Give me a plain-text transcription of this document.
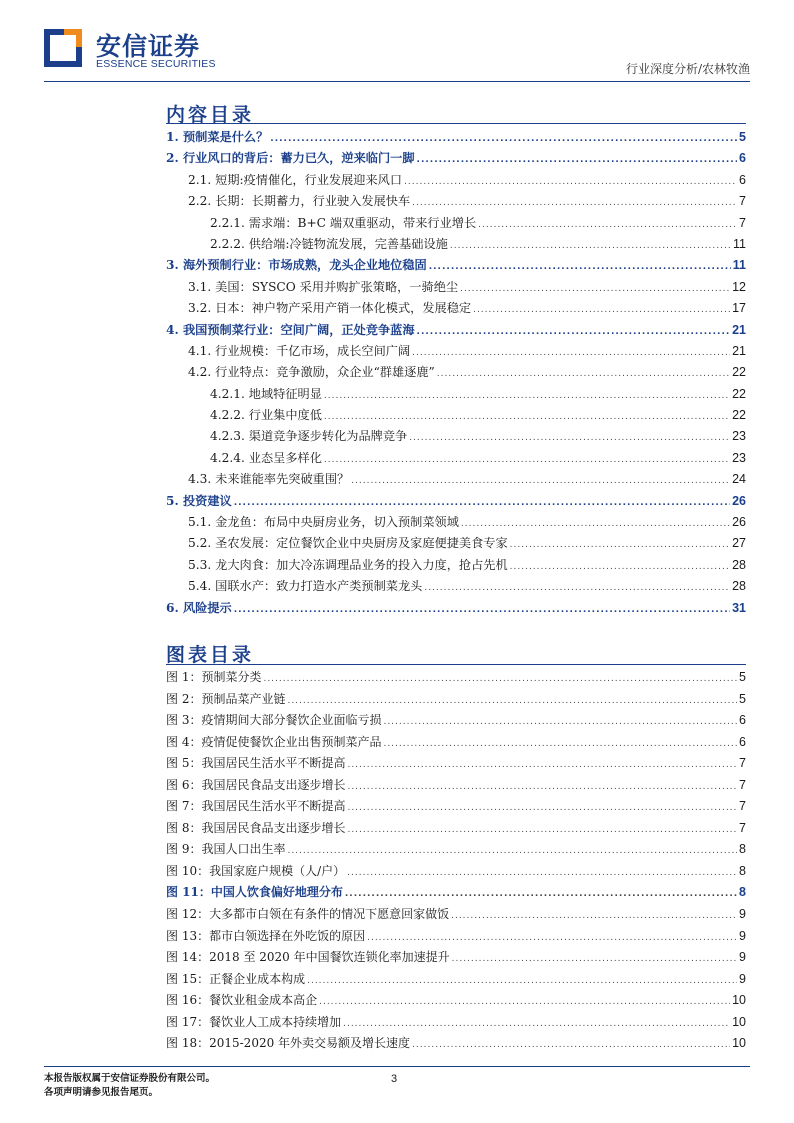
安信证券
ESSENCE SECURITIES	行业深度分析/农林牧渔
内容目录
1. 预制菜是什么？ .....	5
2. 行业风口的背后：蓄力已久，逆来临门一脚 .....	6
2.1. 短期:疫情催化，行业发展迎来风口 .....	6
2.2. 长期：长期蓄力，行业驶入发展快车 .....	7
2.2.1. 需求端：B+C 端双重驱动，带来行业增长 .....	7
2.2.2. 供给端:冷链物流发展，完善基础设施 .....	11
3. 海外预制行业：市场成熟，龙头企业地位稳固 .....	11
3.1. 美国：SYSCO 采用并购扩张策略，一骑绝尘 .....	12
3.2. 日本：神户物产采用产销一体化模式，发展稳定 .....	17
4. 我国预制菜行业：空间广阔，正处竞争蓝海 .....	21
4.1. 行业规模：千亿市场，成长空间广阔 .....	21
4.2. 行业特点：竞争激励，众企业“群雄逐鹿” .....	22
4.2.1. 地域特征明显 .....	22
4.2.2. 行业集中度低 .....	22
4.2.3. 渠道竞争逐步转化为品牌竞争 .....	23
4.2.4. 业态呈多样化 .....	23
4.3. 未来谁能率先突破重围？ .....	24
5. 投资建议 .....	26
5.1. 金龙鱼：布局中央厨房业务，切入预制菜领域 .....	26
5.2. 圣农发展：定位餐饮企业中央厨房及家庭便捷美食专家 .....	27
5.3. 龙大肉食：加大冷冻调理品业务的投入力度，抢占先机 .....	28
5.4. 国联水产：致力打造水产类预制菜龙头 .....	28
6. 风险提示 .....	31
图表目录
图 1：预制菜分类 .....	5
图 2：预制品菜产业链 .....	5
图 3：疫情期间大部分餐饮企业面临亏损 .....	6
图 4：疫情促使餐饮企业出售预制菜产品 .....	6
图 5：我国居民生活水平不断提高 .....	7
图 6：我国居民食品支出逐步增长 .....	7
图 7：我国居民生活水平不断提高 .....	7
图 8：我国居民食品支出逐步增长 .....	7
图 9：我国人口出生率 .....	8
图 10：我国家庭户规模（人/户） .....	8
图 11：中国人饮食偏好地理分布 .....	8
图 12：大多都市白领在有条件的情况下愿意回家做饭 .....	9
图 13：都市白领选择在外吃饭的原因 .....	9
图 14：2018 至 2020 年中国餐饮连锁化率加速提升 .....	9
图 15：正餐企业成本构成 .....	9
图 16：餐饮业租金成本高企 .....	10
图 17：餐饮业人工成本持续增加 .....	10
图 18：2015-2020 年外卖交易额及增长速度 .....	10
本报告版权属于安信证券股份有限公司。
各项声明请参见报告尾页。
3
